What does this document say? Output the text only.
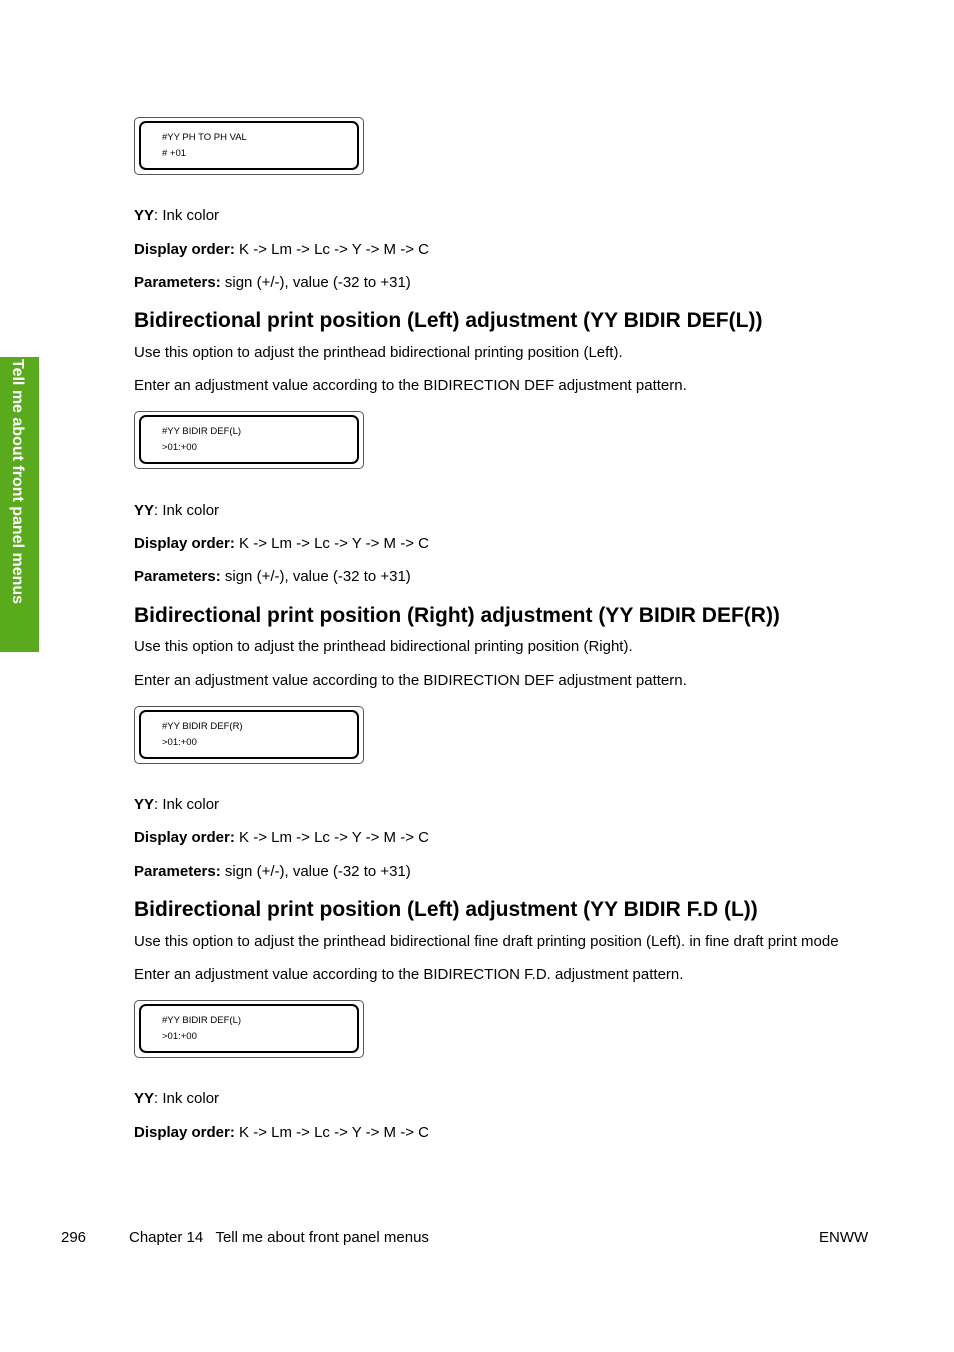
Tell me about front panel menus
#YY PH TO PH VAL
# +01
YY: Ink color
Display order: K -> Lm -> Lc -> Y -> M -> C
Parameters: sign (+/-), value (-32 to +31)
Bidirectional print position (Left) adjustment (YY BIDIR DEF(L))
Use this option to adjust the printhead bidirectional printing position (Left).
Enter an adjustment value according to the BIDIRECTION DEF adjustment pattern.
#YY BIDIR DEF(L)
>01:+00
YY: Ink color
Display order: K -> Lm -> Lc -> Y -> M -> C
Parameters: sign (+/-), value (-32 to +31)
Bidirectional print position (Right) adjustment (YY BIDIR DEF(R))
Use this option to adjust the printhead bidirectional printing position (Right).
Enter an adjustment value according to the BIDIRECTION DEF adjustment pattern.
#YY BIDIR DEF(R)
>01:+00
YY: Ink color
Display order: K -> Lm -> Lc -> Y -> M -> C
Parameters: sign (+/-), value (-32 to +31)
Bidirectional print position (Left) adjustment (YY BIDIR F.D (L))
Use this option to adjust the printhead bidirectional fine draft printing position (Left). in fine draft print mode
Enter an adjustment value according to the BIDIRECTION F.D. adjustment pattern.
#YY BIDIR DEF(L)
>01:+00
YY: Ink color
Display order: K -> Lm -> Lc -> Y -> M -> C
296	Chapter 14   Tell me about front panel menus	ENWW
